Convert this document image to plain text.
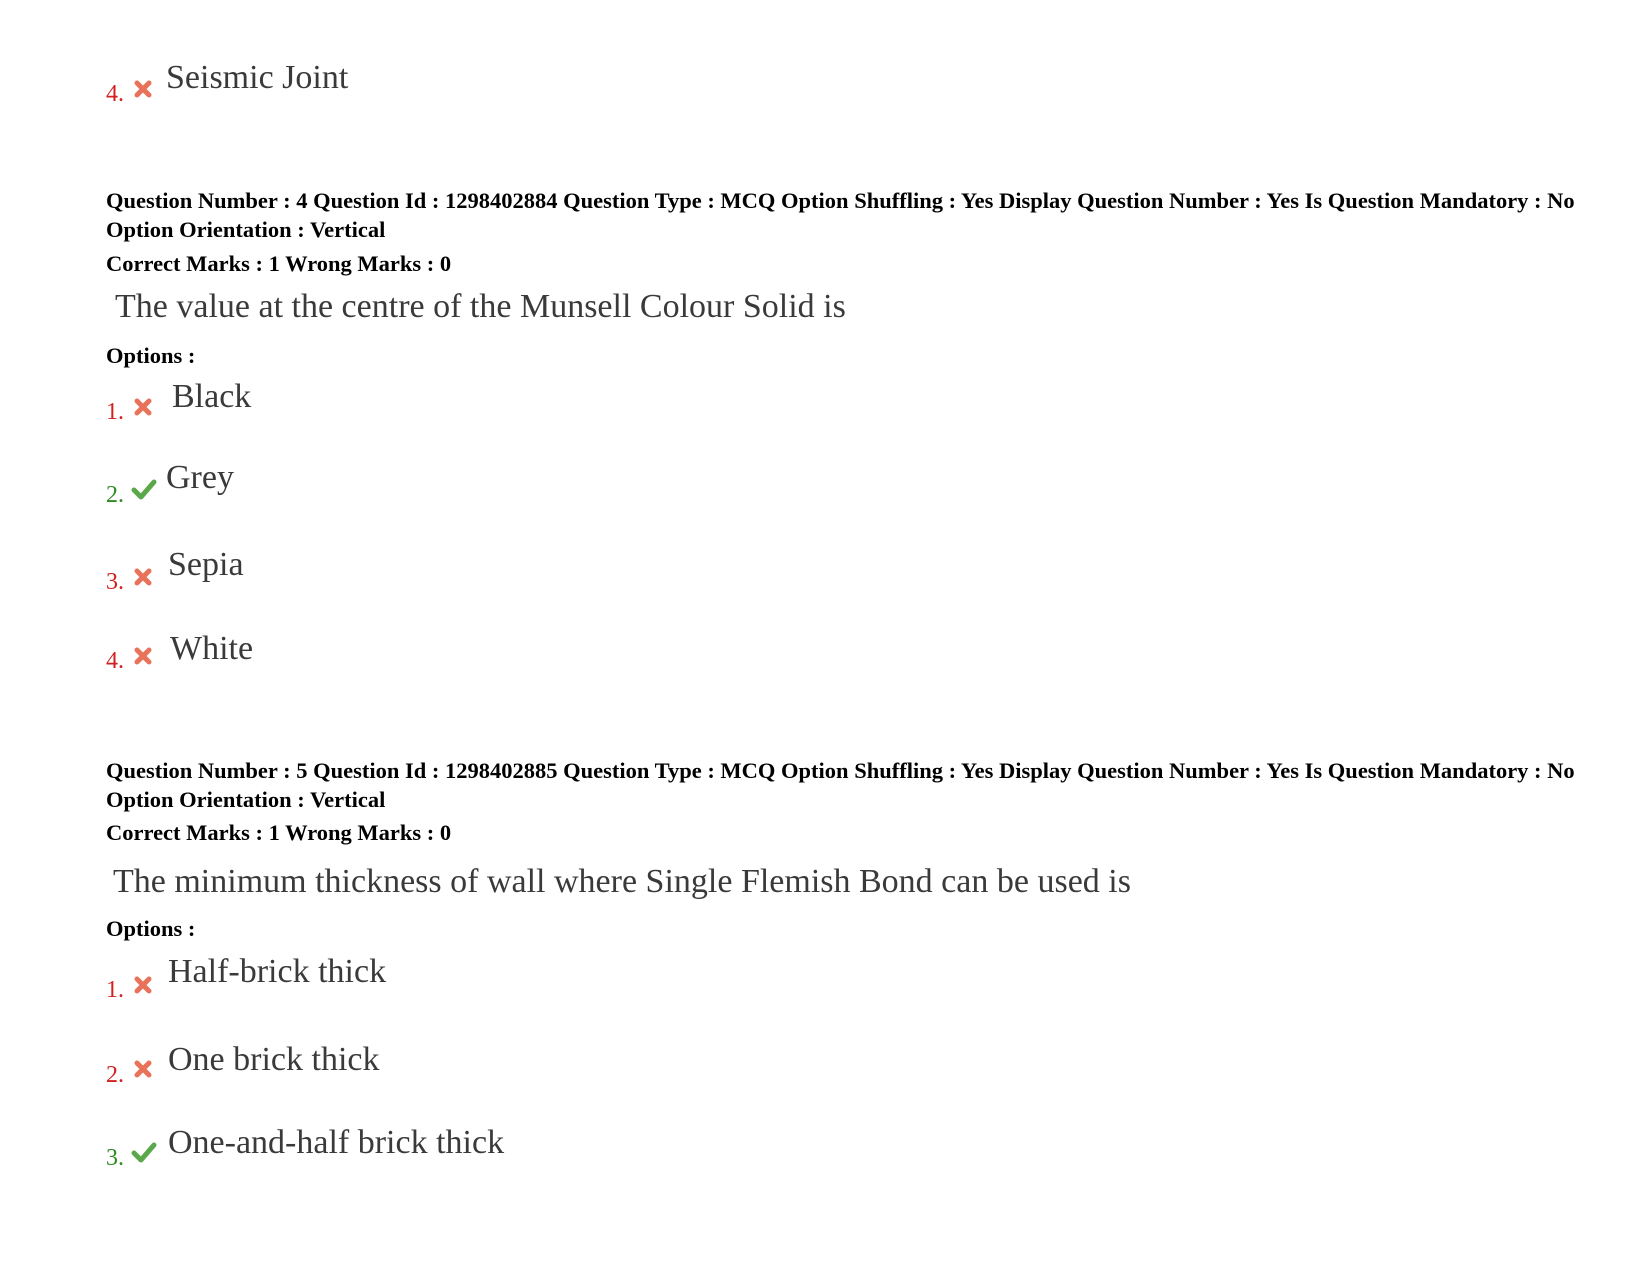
4. Seismic Joint
Question Number : 4 Question Id : 1298402884 Question Type : MCQ Option Shuffling : Yes Display Question Number : Yes Is Question Mandatory : No Option Orientation : Vertical
Correct Marks : 1 Wrong Marks : 0
The value at the centre of the Munsell Colour Solid is
Options :
1. Black
2. Grey
3. Sepia
4. White
Question Number : 5 Question Id : 1298402885 Question Type : MCQ Option Shuffling : Yes Display Question Number : Yes Is Question Mandatory : No Option Orientation : Vertical
Correct Marks : 1 Wrong Marks : 0
The minimum thickness of wall where Single Flemish Bond can be used is
Options :
1. Half-brick thick
2. One brick thick
3. One-and-half brick thick
